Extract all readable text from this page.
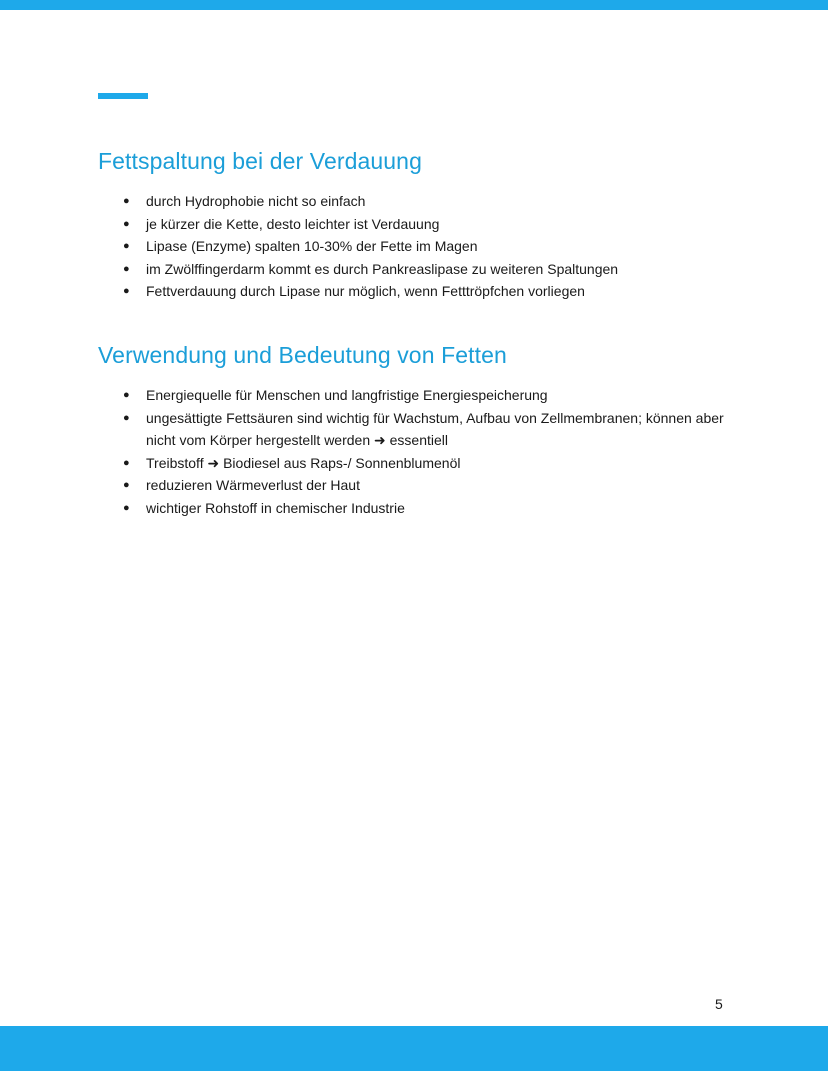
Fettspaltung bei der Verdauung
● durch Hydrophobie nicht so einfach
● je kürzer die Kette, desto leichter ist Verdauung
● Lipase (Enzyme) spalten 10-30% der Fette im Magen
● im Zwölffingerdarm kommt es durch Pankreaslipase zu weiteren Spaltungen
● Fettverdauung durch Lipase nur möglich, wenn Fetttröpfchen vorliegen
Verwendung und Bedeutung von Fetten
● Energiequelle für Menschen und langfristige Energiespeicherung
● ungesättigte Fettsäuren sind wichtig für Wachstum, Aufbau von Zellmembranen; können aber nicht vom Körper hergestellt werden ➜ essentiell
● Treibstoff ➜ Biodiesel aus Raps-/ Sonnenblumenöl
● reduzieren Wärmeverlust der Haut
● wichtiger Rohstoff in chemischer Industrie
5
